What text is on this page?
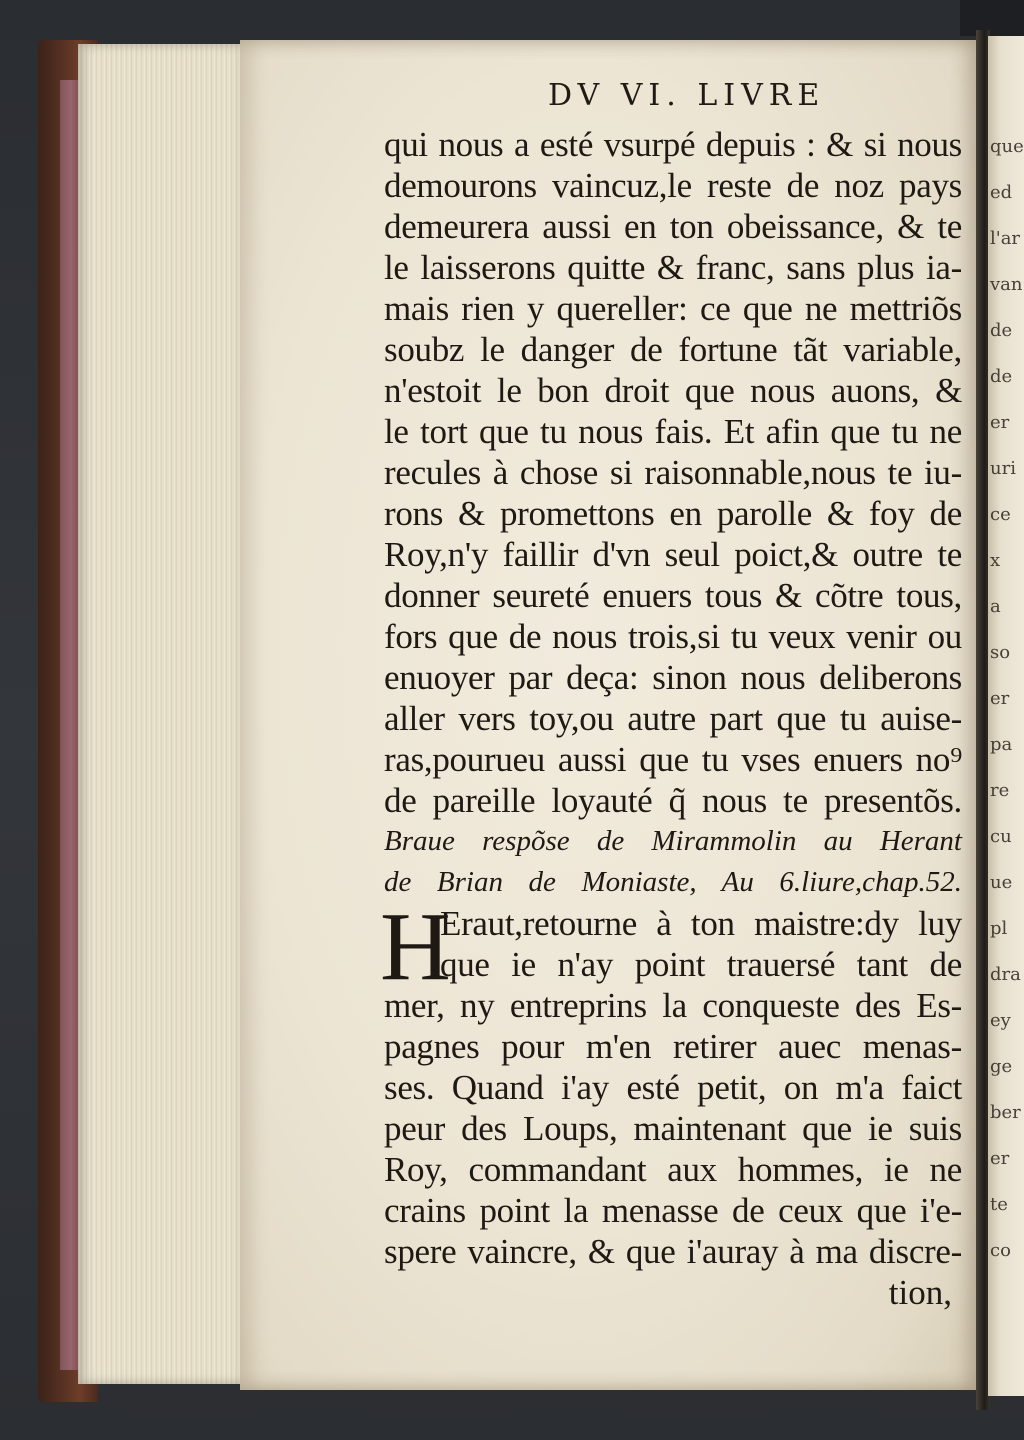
que
ed
l'ar
van
de
de
er
uri
ce
x
a
so
er
pa
re
cu
ue
pl
dra
ey
ge
ber
er
te
co
DV VI. LIVRE
qui nous a esté vsurpé depuis : & si nous
demourons vaincuz,le reste de noz pays
demeurera aussi en ton obeissance, & te
le laisserons quitte & franc, sans plus ia-
mais rien y quereller: ce que ne mettriõs
soubz le danger de fortune tãt variable,
n'estoit le bon droit que nous auons, &
le tort que tu nous fais. Et afin que tu ne
recules à chose si raisonnable,nous te iu-
rons & promettons en parolle & foy de
Roy,n'y faillir d'vn seul poict,& outre te
donner seureté enuers tous & cõtre tous,
fors que de nous trois,si tu veux venir ou
enuoyer par deça: sinon nous deliberons
aller vers toy,ou autre part que tu auise-
ras,pourueu aussi que tu vses enuers no⁹
de pareille loyauté q̃ nous te presentõs.
Braue respõse de Mirammolin au Herant
de Brian de Moniaste, Au 6.liure,chap.52.
H
Eraut,retourne à ton maistre:dy luy
que ie n'ay point trauersé tant de
mer, ny entreprins la conqueste des Es-
pagnes pour m'en retirer auec menas-
ses. Quand i'ay esté petit, on m'a faict
peur des Loups, maintenant que ie suis
Roy, commandant aux hommes, ie ne
crains point la menasse de ceux que i'e-
spere vaincre, & que i'auray à ma discre-
tion,
